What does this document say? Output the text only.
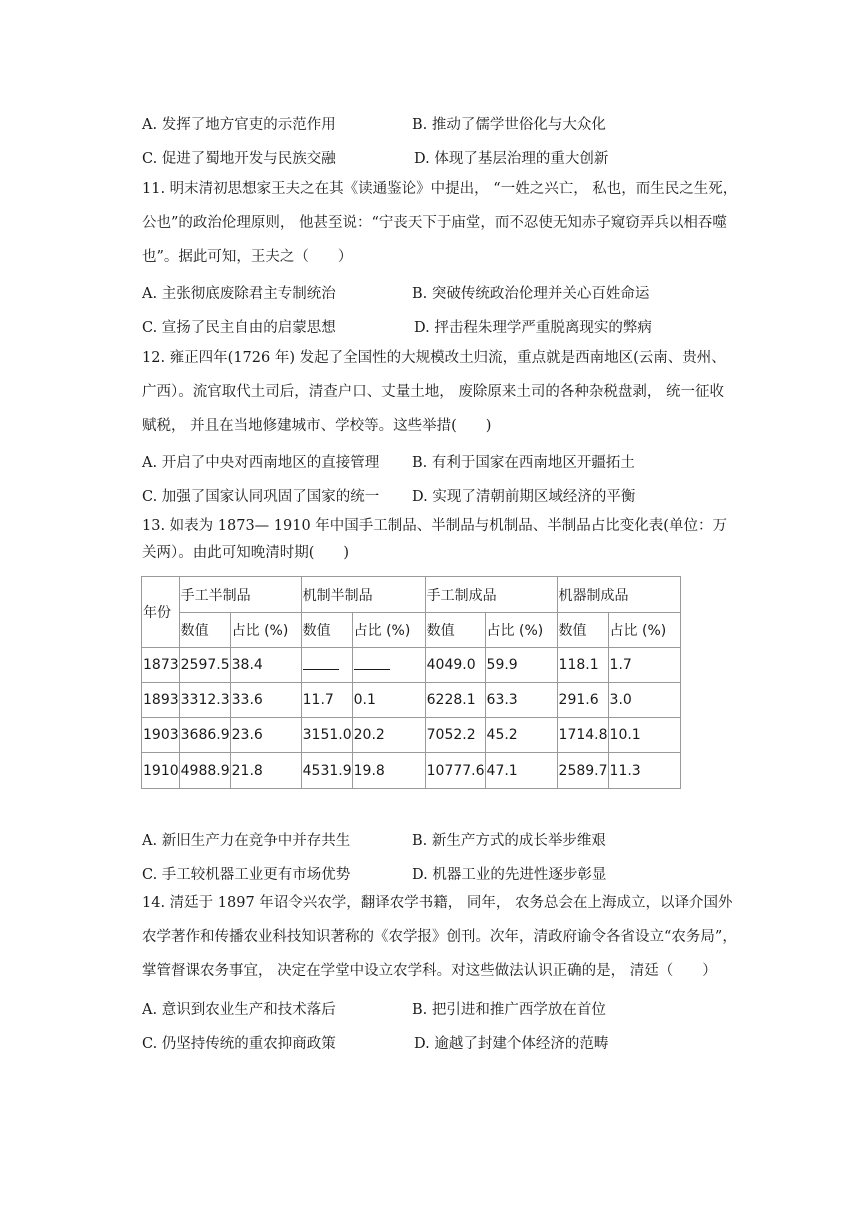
A. 发挥了地方官吏的示范作用	B. 推动了儒学世俗化与大众化
C. 促进了蜀地开发与民族交融	D. 体现了基层治理的重大创新
11. 明末清初思想家王夫之在其《读通鉴论》中提出， “一姓之兴亡， 私也，而生民之生死，
公也”的政治伦理原则， 他甚至说：“宁丧天下于庙堂，而不忍使无知赤子窥窃弄兵以相吞噬
也”。据此可知，王夫之（　　）
A. 主张彻底废除君主专制统治	B. 突破传统政治伦理并关心百姓命运
C. 宣扬了民主自由的启蒙思想	D. 抨击程朱理学严重脱离现实的弊病
12. 雍正四年(1726 年) 发起了全国性的大规模改土归流，重点就是西南地区(云南、贵州、
广西）。流官取代土司后，清查户口、丈量土地， 废除原来土司的各种杂税盘剥， 统一征收
赋税， 并且在当地修建城市、学校等。这些举措(　　)
A. 开启了中央对西南地区的直接管理 B. 有利于国家在西南地区开疆拓土
C. 加强了国家认同巩固了国家的统一 D. 实现了清朝前期区域经济的平衡
13. 如表为 1873— 1910 年中国手工制品、半制品与机制品、半制品占比变化表(单位：万
关两）。由此可知晚清时期(　　)
年份	手工半制品		机制半制品		手工制成品		机器制成品	
	数值	占比 (%)	数值	占比 (%)	数值	占比 (%)	数值	占比 (%)
1873	2597.5	38.4			4049.0	59.9	118.1	1.7
1893	3312.3	33.6	11.7	0.1	6228.1	63.3	291.6	3.0
1903	3686.9	23.6	3151.0	20.2	7052.2	45.2	1714.8	10.1
1910	4988.9	21.8	4531.9	19.8	10777.6	47.1	2589.7	11.3
A. 新旧生产力在竞争中并存共生	B. 新生产方式的成长举步维艰
C. 手工较机器工业更有市场优势	D. 机器工业的先进性逐步彰显
14. 清廷于 1897 年诏令兴农学，翻译农学书籍， 同年， 农务总会在上海成立，以译介国外
农学著作和传播农业科技知识著称的《农学报》创刊。次年，清政府谕令各省设立“农务局”，
掌管督课农务事宜， 决定在学堂中设立农学科。对这些做法认识正确的是， 清廷（　　）
A. 意识到农业生产和技术落后	B. 把引进和推广西学放在首位
C. 仍坚持传统的重农抑商政策	D. 逾越了封建个体经济的范畴
